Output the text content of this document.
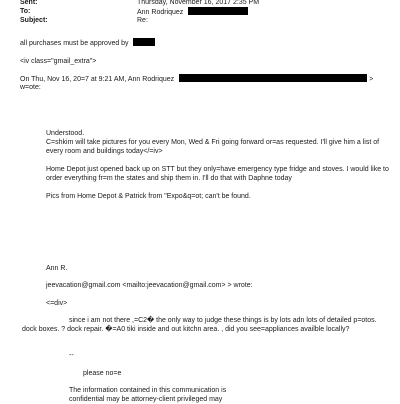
Sent:	Thursday, November 16, 2017 2:35 PM
To:	Ann Rodriquez
Subject:	Re:
all purchases must be approved by
<iv class="gmail_extra">
On Thu, Nov 16, 20=7 at 9:21 AM, Ann Rodriquez	>
w=ote:
Understood.
C=shkim will take pictures for you every Mon, Wed & Fri going forward or=as requested. I'll give him a list of
every room and buildings today</=iv>
Home Depot just opened back up on STT but they only=have emergency type fridge and stoves. I would like to
order everything fr=m the states and ship them in. I'll do that with Daphne today
Pics from Home Depot & Patrick from "Expo&q=ot; can't be found.
Ann R.
jeevacation@gmail.com <mailto:jeevacation@gmail.com> > wrote:
<=div>
since i am not there ,=C2� the only way to judge these things is by lots adn lots of detailed p=otos.
dock boxes. ? dock repair. �=A0 tiki inside and out kitchn area. , did you see=appliances availble locally?
--
please no=e
The information contained in this communication is
confidential may be attorney-client privileged may
